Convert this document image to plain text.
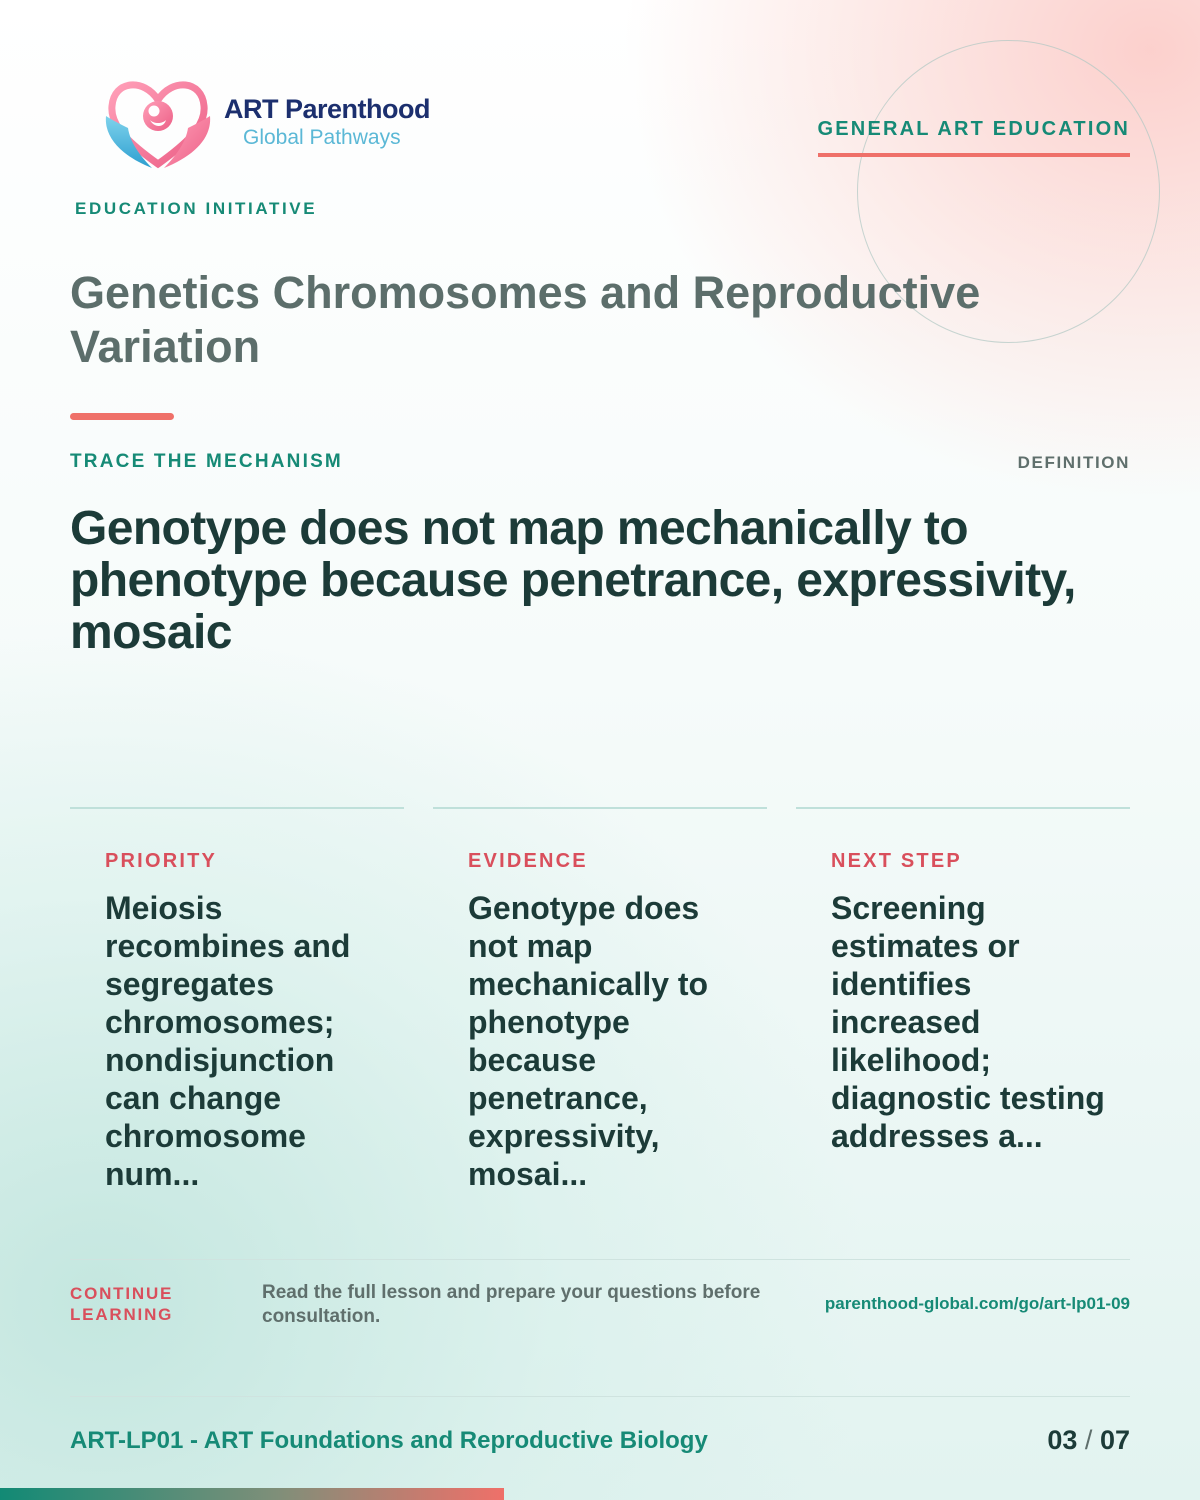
ART Parenthood
Global Pathways
EDUCATION INITIATIVE
GENERAL ART EDUCATION
Genetics Chromosomes and Reproductive Variation
TRACE THE MECHANISM	DEFINITION
Genotype does not map mechanically to phenotype because penetrance, expressivity, mosaic
PRIORITY
Meiosis recombines and segregates chromosomes; nondisjunction can change chromosome num...
EVIDENCE
Genotype does not map mechanically to phenotype because penetrance, expressivity, mosai...
NEXT STEP
Screening estimates or identifies increased likelihood; diagnostic testing addresses a...
CONTINUE
LEARNING
Read the full lesson and prepare your questions before consultation.
parenthood-global.com/go/art-lp01-09
ART-LP01 - ART Foundations and Reproductive Biology	03 / 07
